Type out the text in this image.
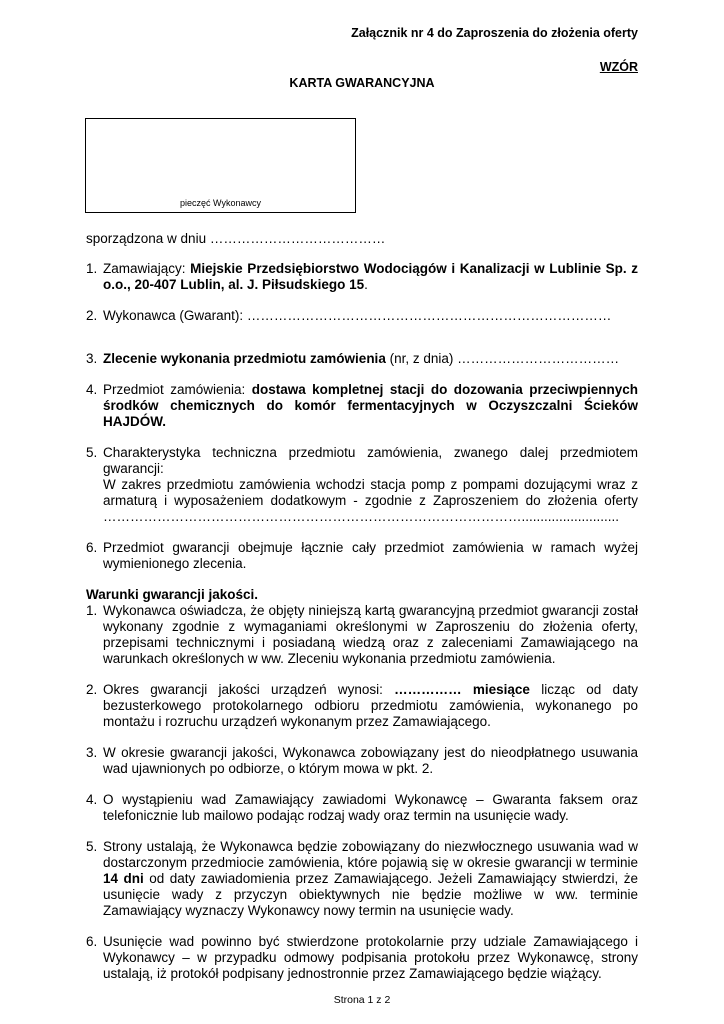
Załącznik nr 4 do Zaproszenia do złożenia oferty
WZÓR
KARTA GWARANCYJNA
pieczęć Wykonawcy
sporządzona w dniu …………………………………
1. Zamawiający: Miejskie Przedsiębiorstwo Wodociągów i Kanalizacji w Lublinie Sp. z o.o., 20-407 Lublin, al. J. Piłsudskiego 15.
2. Wykonawca (Gwarant): ………………………………………………………………………
3. Zlecenie wykonania przedmiotu zamówienia (nr, z dnia) ………………………………
4. Przedmiot zamówienia: dostawa kompletnej stacji do dozowania przeciwpiennych środków chemicznych do komór fermentacyjnych w Oczyszczalni Ścieków HAJDÓW.
5. Charakterystyka techniczna przedmiotu zamówienia, zwanego dalej przedmiotem gwarancji:
W zakres przedmiotu zamówienia wchodzi stacja pomp z pompami dozującymi wraz z armaturą i wyposażeniem dodatkowym - zgodnie z Zaproszeniem do złożenia oferty …………………………………………………………………………………..........................
6. Przedmiot gwarancji obejmuje łącznie cały przedmiot zamówienia w ramach wyżej wymienionego zlecenia.
Warunki gwarancji jakości.
1. Wykonawca oświadcza, że objęty niniejszą kartą gwarancyjną przedmiot gwarancji został wykonany zgodnie z wymaganiami określonymi w Zaproszeniu do złożenia oferty, przepisami technicznymi i posiadaną wiedzą oraz z zaleceniami Zamawiającego na warunkach określonych w ww. Zleceniu wykonania przedmiotu zamówienia.
2. Okres gwarancji jakości urządzeń wynosi: …………… miesiące licząc od daty bezusterkowego protokolarnego odbioru przedmiotu zamówienia, wykonanego po montażu i rozruchu urządzeń wykonanym przez Zamawiającego.
3. W okresie gwarancji jakości, Wykonawca zobowiązany jest do nieodpłatnego usuwania wad ujawnionych po odbiorze, o którym mowa w pkt. 2.
4. O wystąpieniu wad Zamawiający zawiadomi Wykonawcę – Gwaranta faksem oraz telefonicznie lub mailowo podając rodzaj wady oraz termin na usunięcie wady.
5. Strony ustalają, że Wykonawca będzie zobowiązany do niezwłocznego usuwania wad w dostarczonym przedmiocie zamówienia, które pojawią się w okresie gwarancji w terminie 14 dni od daty zawiadomienia przez Zamawiającego. Jeżeli Zamawiający stwierdzi, że usunięcie wady z przyczyn obiektywnych nie będzie możliwe w ww. terminie Zamawiający wyznaczy Wykonawcy nowy termin na usunięcie wady.
6. Usunięcie wad powinno być stwierdzone protokolarnie przy udziale Zamawiającego i Wykonawcy – w przypadku odmowy podpisania protokołu przez Wykonawcę, strony ustalają, iż protokół podpisany jednostronnie przez Zamawiającego będzie wiążący.
Strona 1 z 2
